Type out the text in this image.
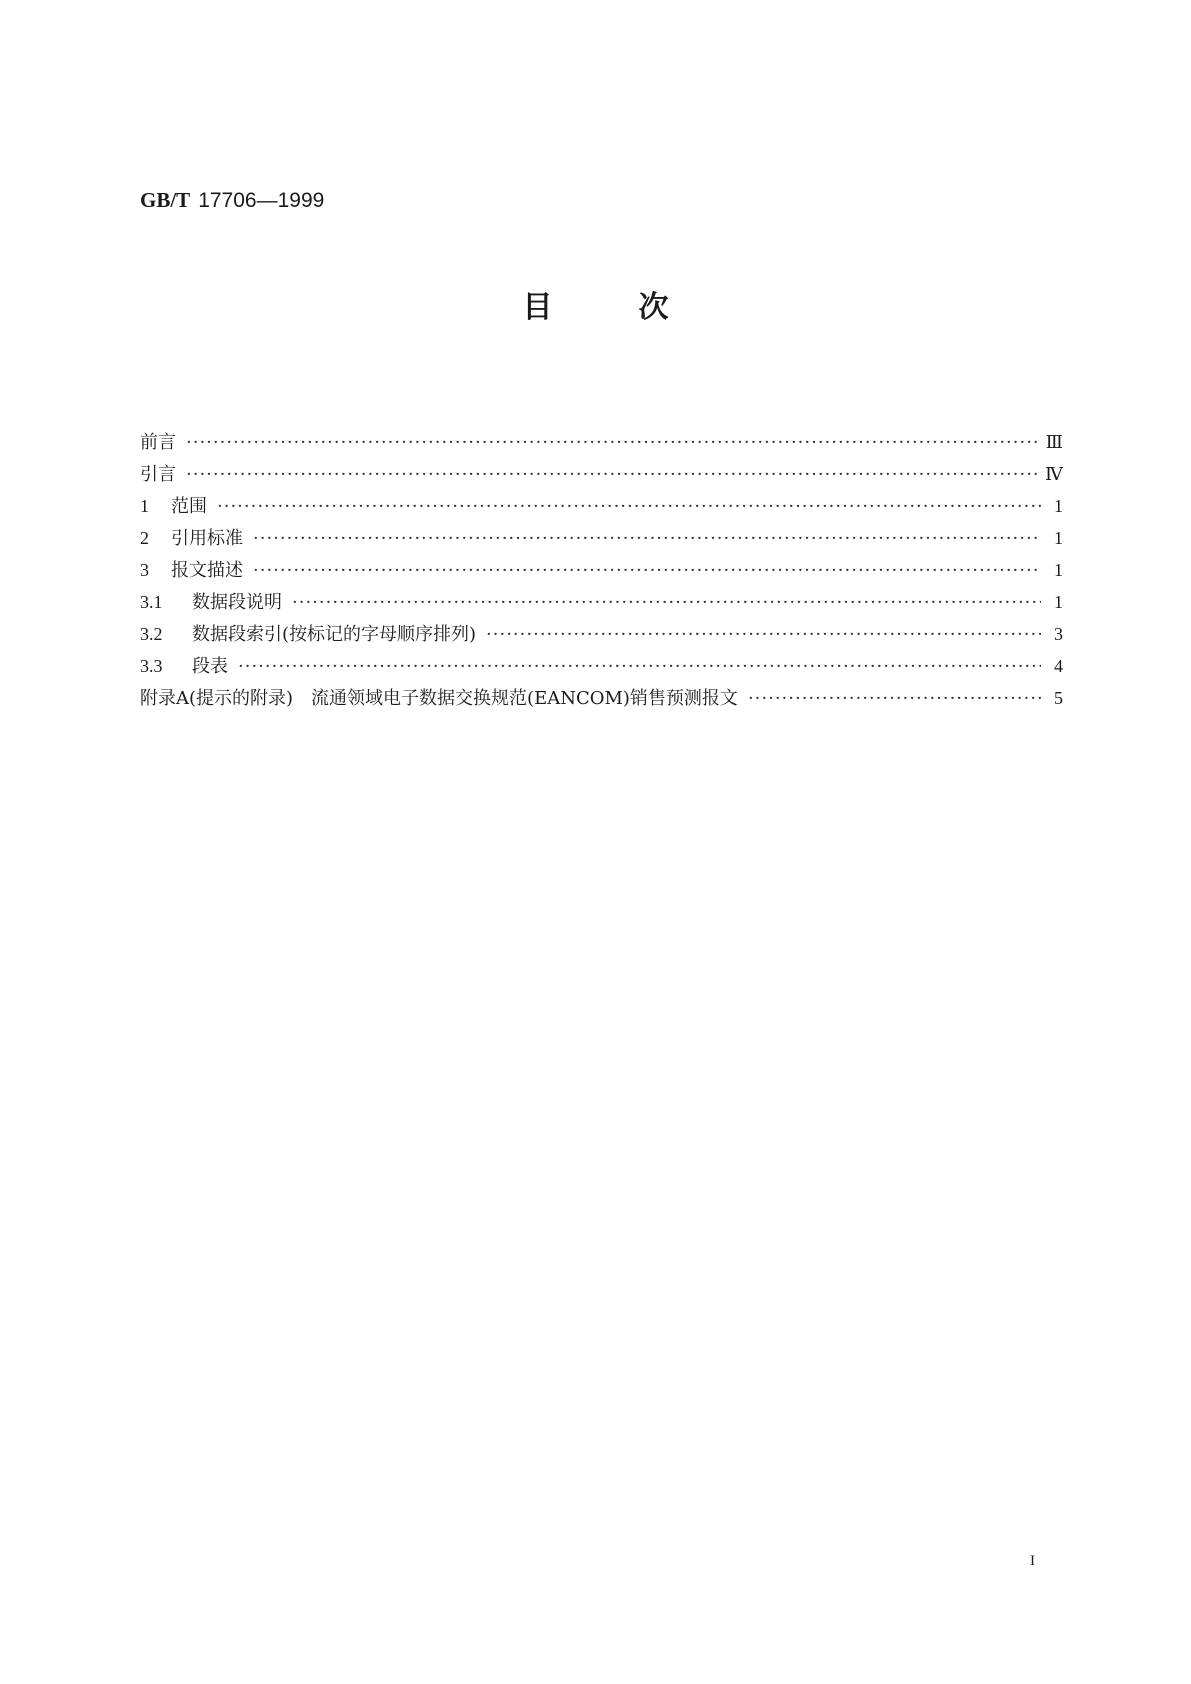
GB/T 17706—1999
目次
前言 ·····	Ⅲ
引言 ·····	Ⅳ
1 范围 ·····	1
2 引用标准 ·····	1
3 报文描述 ·····	1
3.1 数据段说明 ·····	1
3.2 数据段索引(按标记的字母顺序排列) ·····	3
3.3 段表 ·····	4
附录A(提示的附录)　流通领域电子数据交换规范(EANCOM)销售预测报文 ·····	5
I
